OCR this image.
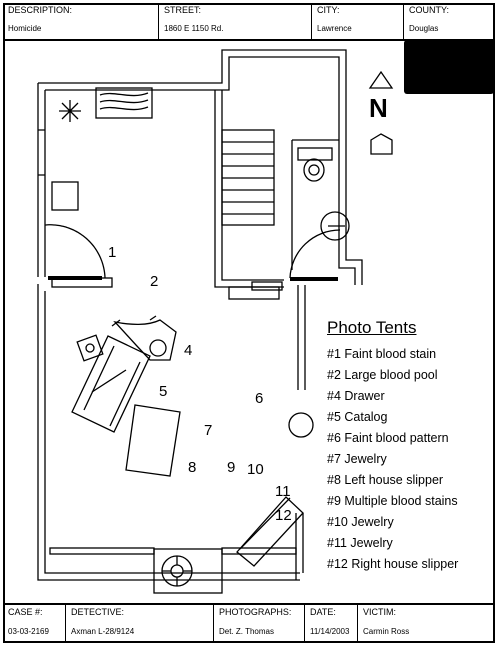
DESCRIPTION:
Homicide
STREET:
1860 E 1150 Rd.
CITY:
Lawrence
COUNTY:
Douglas
CASE #:
03-03-2169
DETECTIVE:
Axman L-28/9124
PHOTOGRAPHS:
Det. Z. Thomas
DATE:
11/14/2003
VICTIM:
Carmin Ross
N
1
2
4
5	6
7
8 9 10
11
12
Photo Tents
#1 Faint blood stain
#2 Large blood pool
#4 Drawer
#5 Catalog
#6 Faint blood pattern
#7 Jewelry
#8 Left house slipper
#9 Multiple blood stains
#10 Jewelry
#11 Jewelry
#12 Right house slipper
